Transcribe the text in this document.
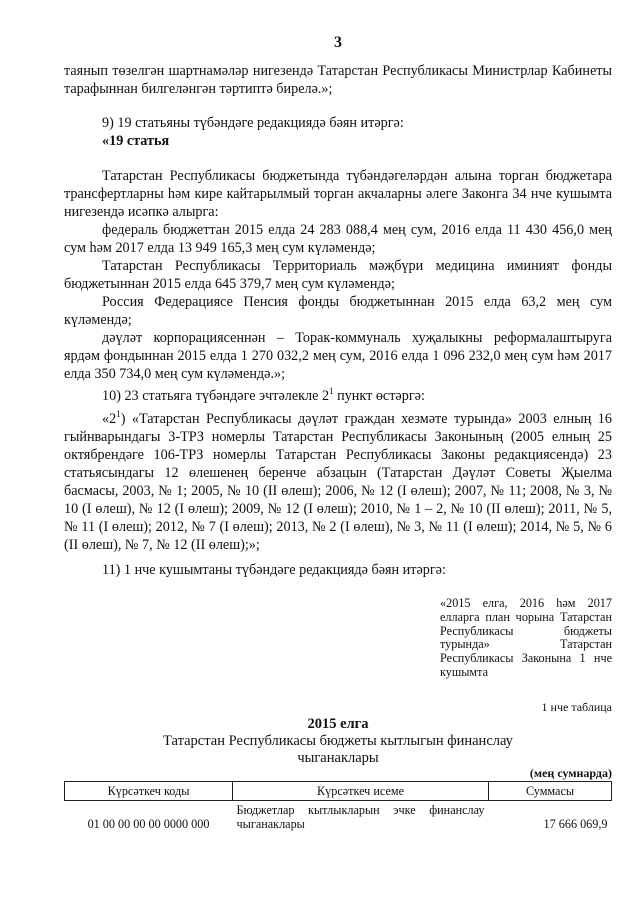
3

таянып төзелгән шартнамәләр нигезендә Татарстан Республикасы Министрлар Кабинеты тарафыннан билгеләнгән тәртиптә бирелә.»;

9) 19 статьяны түбәндәге редакциядә бәян итәргә:

«19 статья

Татарстан Республикасы бюджетында түбәндәгеләрдән алына торган бюджетара трансфертларны һәм кире кайтарылмый торган акчаларны әлеге Законга 34 нче кушымта нигезендә исәпкә алырга:

федераль бюджеттан 2015 елда 24 283 088,4 мең сум, 2016 елда 11 430 456,0 мең сум һәм 2017 елда 13 949 165,3 мең сум күләмендә;

Татарстан Республикасы Территориаль мәҗбүри медицина иминият фонды бюджетыннан 2015 елда 645 379,7 мең сум күләмендә;

Россия Федерациясе Пенсия фонды бюджетыннан 2015 елда 63,2 мең сум күләмендә;

дәүләт корпорациясеннән – Торак-коммуналь хуҗалыкны реформалаштыруга ярдәм фондыннан 2015 елда 1 270 032,2 мең сум, 2016 елда 1 096 232,0 мең сум һәм 2017 елда 350 734,0 мең сум күләмендә.»;

10) 23 статьяга түбәндәге эчтәлекле $2^1$ пункт өстәргә:

«$2^1$) «Татарстан Республикасы дәүләт граждан хезмәте турында» 2003 елның 16 гыйнварындагы 3-ТРЗ номерлы Татарстан Республикасы Законының (2005 елның 25 октябрендәге 106-ТРЗ номерлы Татарстан Республикасы Законы редакциясендә) 23 статьясындагы 12 өлешенең беренче абзацын (Татарстан Дәүләт Советы Җыелма басмасы, 2003, № 1; 2005, № 10 (II өлеш); 2006, № 12 (I өлеш); 2007, № 11; 2008, № 3, № 10 (I өлеш), № 12 (I өлеш); 2009, № 12 (I өлеш); 2010, № 1 – 2, № 10 (II өлеш); 2011, № 5, № 11 (I өлеш); 2012, № 7 (I өлеш); 2013, № 2 (I өлеш), № 3, № 11 (I өлеш); 2014, № 5, № 6 (II өлеш), № 7, № 12 (II өлеш);»;

11) 1 нче кушымтаны түбәндәге редакциядә бәян итәргә:

«2015 елга, 2016 һәм 2017 елларга план чорына Татарстан Республикасы бюджеты турында» Татарстан Республикасы Законына 1 нче кушымта
1 нче таблица
2015 елга
Татарстан Республикасы бюджеты кытлыгын финанслау
чыганаклары
(мең сумнарда)
Күрсәткеч коды	Күрсәткеч исеме	Суммасы
01 00 00 00 00 0000 000	Бюджетлар кытлыкларын эчке финанслау чыганаклары	17 666 069,9
